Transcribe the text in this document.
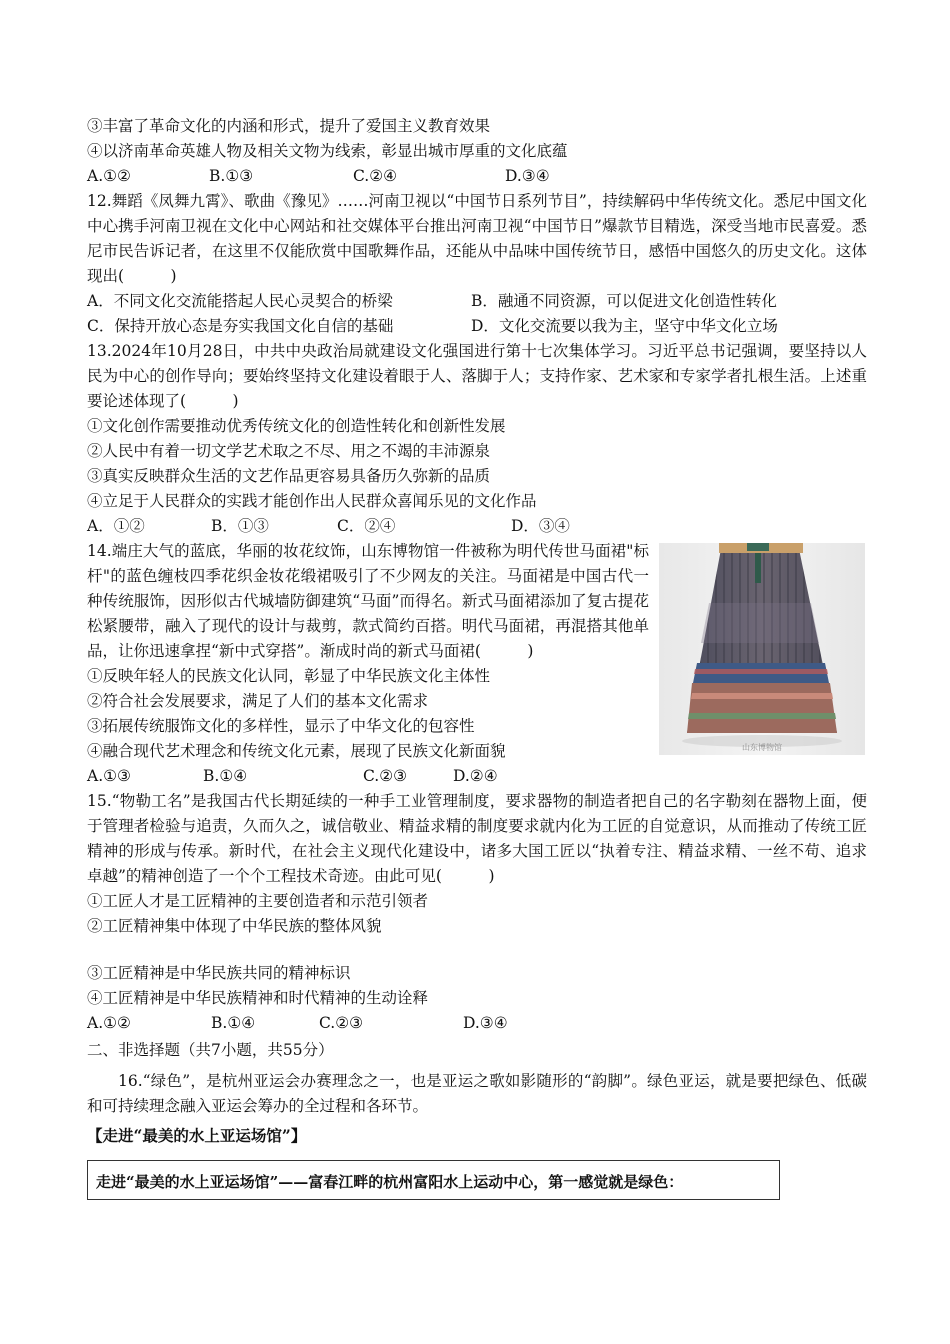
③丰富了革命文化的内涵和形式，提升了爱国主义教育效果
④以济南革命英雄人物及相关文物为线索，彰显出城市厚重的文化底蕴
A.①②	B.①③	C.②④	D.③④
12.舞蹈《凤舞九霄》、歌曲《豫见》……河南卫视以“中国节日系列节目”，持续解码中华传统文化。悉尼中国文化中心携手河南卫视在文化中心网站和社交媒体平台推出河南卫视“中国节日”爆款节目精选，深受当地市民喜爱。悉尼市民告诉记者，在这里不仅能欣赏中国歌舞作品，还能从中品味中国传统节日，感悟中国悠久的历史文化。这体现出(　　　)
A．不同文化交流能搭起人民心灵契合的桥梁	B．融通不同资源，可以促进文化创造性转化
C．保持开放心态是夯实我国文化自信的基础	D．文化交流要以我为主，坚守中华文化立场
13.2024年10月28日，中共中央政治局就建设文化强国进行第十七次集体学习。习近平总书记强调，要坚持以人民为中心的创作导向；要始终坚持文化建设着眼于人、落脚于人；支持作家、艺术家和专家学者扎根生活。上述重要论述体现了(　　　)
①文化创作需要推动优秀传统文化的创造性转化和创新性发展
②人民中有着一切文学艺术取之不尽、用之不竭的丰沛源泉
③真实反映群众生活的文艺作品更容易具备历久弥新的品质
④立足于人民群众的实践才能创作出人民群众喜闻乐见的文化作品
A．①②	B．①③	C．②④	D．③④
14.端庄大气的蓝底，华丽的妆花纹饰，山东博物馆一件被称为明代传世马面裙"标杆"的蓝色缠枝四季花织金妆花缎裙吸引了不少网友的关注。马面裙是中国古代一种传统服饰，因形似古代城墙防御建筑“马面”而得名。新式马面裙添加了复古提花松紧腰带，融入了现代的设计与裁剪，款式简约百搭。明代马面裙，再混搭其他单品，让你迅速拿捏“新中式穿搭”。渐成时尚的新式马面裙(　　　)
山东博物馆
①反映年轻人的民族文化认同，彰显了中华民族文化主体性
②符合社会发展要求，满足了人们的基本文化需求
③拓展传统服饰文化的多样性，显示了中华文化的包容性
④融合现代艺术理念和传统文化元素，展现了民族文化新面貌
A.①③	B.①④	C.②③	D.②④
15.“物勒工名”是我国古代长期延续的一种手工业管理制度，要求器物的制造者把自己的名字勒刻在器物上面，便于管理者检验与追责，久而久之，诚信敬业、精益求精的制度要求就内化为工匠的自觉意识，从而推动了传统工匠精神的形成与传承。新时代，在社会主义现代化建设中，诸多大国工匠以“执着专注、精益求精、一丝不苟、追求卓越”的精神创造了一个个工程技术奇迹。由此可见(　　　)
①工匠人才是工匠精神的主要创造者和示范引领者
②工匠精神集中体现了中华民族的整体风貌
③工匠精神是中华民族共同的精神标识
④工匠精神是中华民族精神和时代精神的生动诠释
A.①②	B.①④	C.②③	D.③④
二、非选择题（共7小题，共55分）
16.“绿色”，是杭州亚运会办赛理念之一，也是亚运之歌如影随形的“韵脚”。绿色亚运，就是要把绿色、低碳和可持续理念融入亚运会筹办的全过程和各环节。
【走进“最美的水上亚运场馆”】
走进“最美的水上亚运场馆”——富春江畔的杭州富阳水上运动中心，第一感觉就是绿色：
